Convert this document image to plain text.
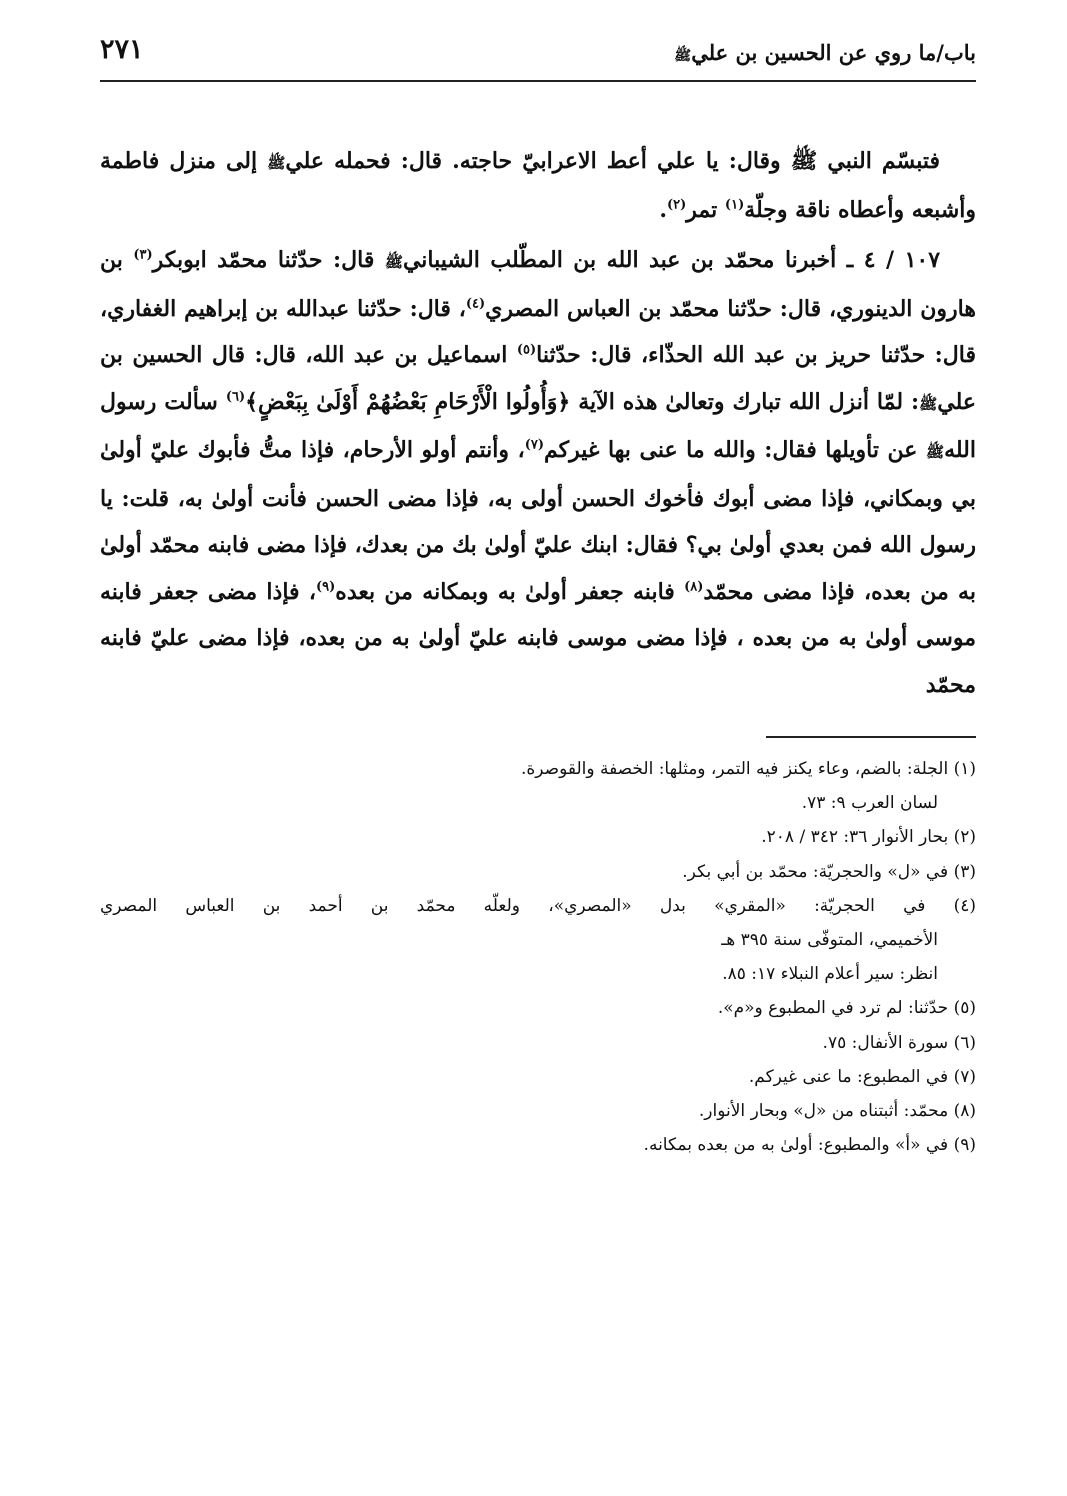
باب/ما روي عن الحسين بن عليﷺ
٢٧١

فتبسّم النبي ﷺ وقال: يا علي أعط الاعرابيّ حاجته. قال: فحمله عليﷺ إلى منزل فاطمة وأشبعه وأعطاه ناقة وجلّة$^{(١)}$ تمر$^{(٢)}$.

١٠٧ / ٤ ـ أخبرنا محمّد بن عبد الله بن المطّلب الشيبانيﷺ قال: حدّثنا محمّد ابوبكر$^{(٣)}$ بن هارون الدينوري، قال: حدّثنا محمّد بن العباس المصري$^{(٤)}$، قال: حدّثنا عبدالله بن إبراهيم الغفاري، قال: حدّثنا حريز بن عبد الله الحذّاء، قال: حدّثنا$^{(٥)}$ اسماعيل بن عبد الله، قال: قال الحسين بن عليﷺ: لمّا أنزل الله تبارك وتعالىٰ هذه الآية ﴿وَأُولُوا الْأَرْحَامِ بَعْضُهُمْ أَوْلَىٰ بِبَعْضٍ﴾$^{(٦)}$ سألت رسول اللهﷺ عن تأويلها فقال: والله ما عنى بها غيركم$^{(٧)}$، وأنتم أولو الأرحام، فإذا متُّ فأبوك عليّ أولىٰ بي وبمكاني، فإذا مضى أبوك فأخوك الحسن أولى به، فإذا مضى الحسن فأنت أولىٰ به، قلت: يا رسول الله فمن بعدي أولىٰ بي؟ فقال: ابنك عليّ أولىٰ بك من بعدك، فإذا مضى فابنه محمّد أولىٰ به من بعده، فإذا مضى محمّد$^{(٨)}$ فابنه جعفر أولىٰ به وبمكانه من بعده$^{(٩)}$، فإذا مضى جعفر فابنه موسى أولىٰ به من بعده ، فإذا مضى موسى فابنه عليّ أولىٰ به من بعده، فإذا مضى عليّ فابنه محمّد

(١) الجلة: بالضم، وعاء يكنز فيه التمر، ومثلها: الخصفة والقوصرة.

لسان العرب ٩: ٧٣.

(٢) بحار الأنوار ٣٦: ٣٤٢ / ٢٠٨.

(٣) في «ل» والحجريّة: محمّد بن أبي بكر.

(٤) في الحجريّة: «المقري» بدل «المصري»، ولعلّه محمّد بن أحمد بن العباس المصري

الأخميمي، المتوفّى سنة ٣٩٥ هـ

انظر: سير أعلام النبلاء ١٧: ٨٥.

(٥) حدّثنا: لم ترد في المطبوع و«م».

(٦) سورة الأنفال: ٧٥.

(٧) في المطبوع: ما عنى غيركم.

(٨) محمّد: أثبتناه من «ل» وبحار الأنوار.

(٩) في «أ» والمطبوع: أولىٰ به من بعده بمكانه.
